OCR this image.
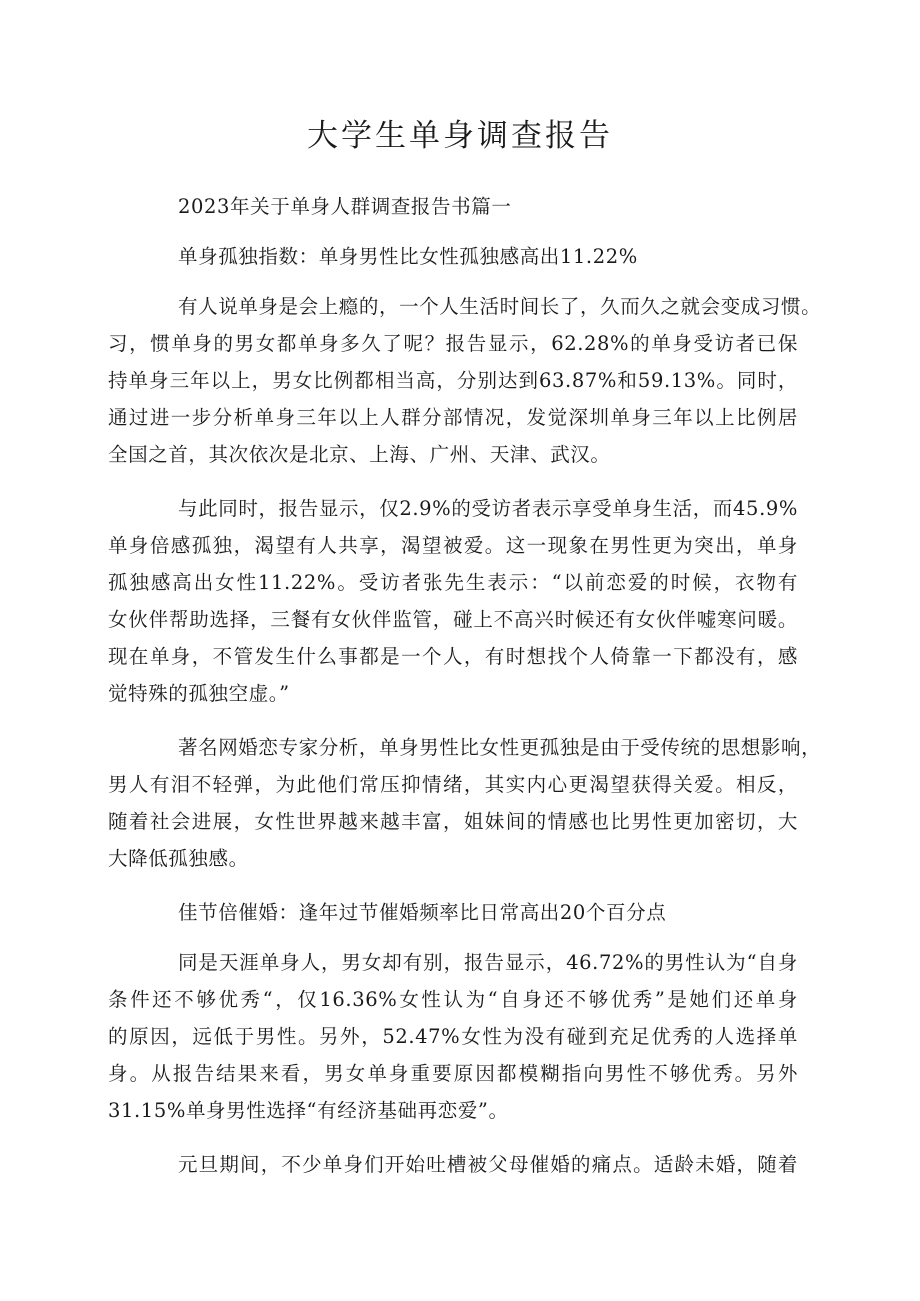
大学生单身调查报告
2023年关于单身人群调查报告书篇一
单身孤独指数：单身男性比女性孤独感高出11.22%
有人说单身是会上瘾的，一个人生活时间长了，久而久之就会变成习惯。
习，惯单身的男女都单身多久了呢？报告显示，62.28%的单身受访者已保
持单身三年以上，男女比例都相当高，分别达到63.87%和59.13%。同时，
通过进一步分析单身三年以上人群分部情况，发觉深圳单身三年以上比例居
全国之首，其次依次是北京、上海、广州、天津、武汉。
与此同时，报告显示，仅2.9%的受访者表示享受单身生活，而45.9%
单身倍感孤独，渴望有人共享，渴望被爱。这一现象在男性更为突出，单身
孤独感高出女性11.22%。受访者张先生表示：“以前恋爱的时候，衣物有
女伙伴帮助选择，三餐有女伙伴监管，碰上不高兴时候还有女伙伴嘘寒问暖。
现在单身，不管发生什么事都是一个人，有时想找个人倚靠一下都没有，感
觉特殊的孤独空虚。”
著名网婚恋专家分析，单身男性比女性更孤独是由于受传统的思想影响，
男人有泪不轻弹，为此他们常压抑情绪，其实内心更渴望获得关爱。相反，
随着社会进展，女性世界越来越丰富，姐妹间的情感也比男性更加密切，大
大降低孤独感。
佳节倍催婚：逢年过节催婚频率比日常高出20个百分点
同是天涯单身人，男女却有别，报告显示，46.72%的男性认为“自身
条件还不够优秀“，仅16.36%女性认为“自身还不够优秀”是她们还单身
的原因，远低于男性。另外，52.47%女性为没有碰到充足优秀的人选择单
身。从报告结果来看，男女单身重要原因都模糊指向男性不够优秀。另外
31.15%单身男性选择“有经济基础再恋爱”。
元旦期间，不少单身们开始吐槽被父母催婚的痛点。适龄未婚，随着
